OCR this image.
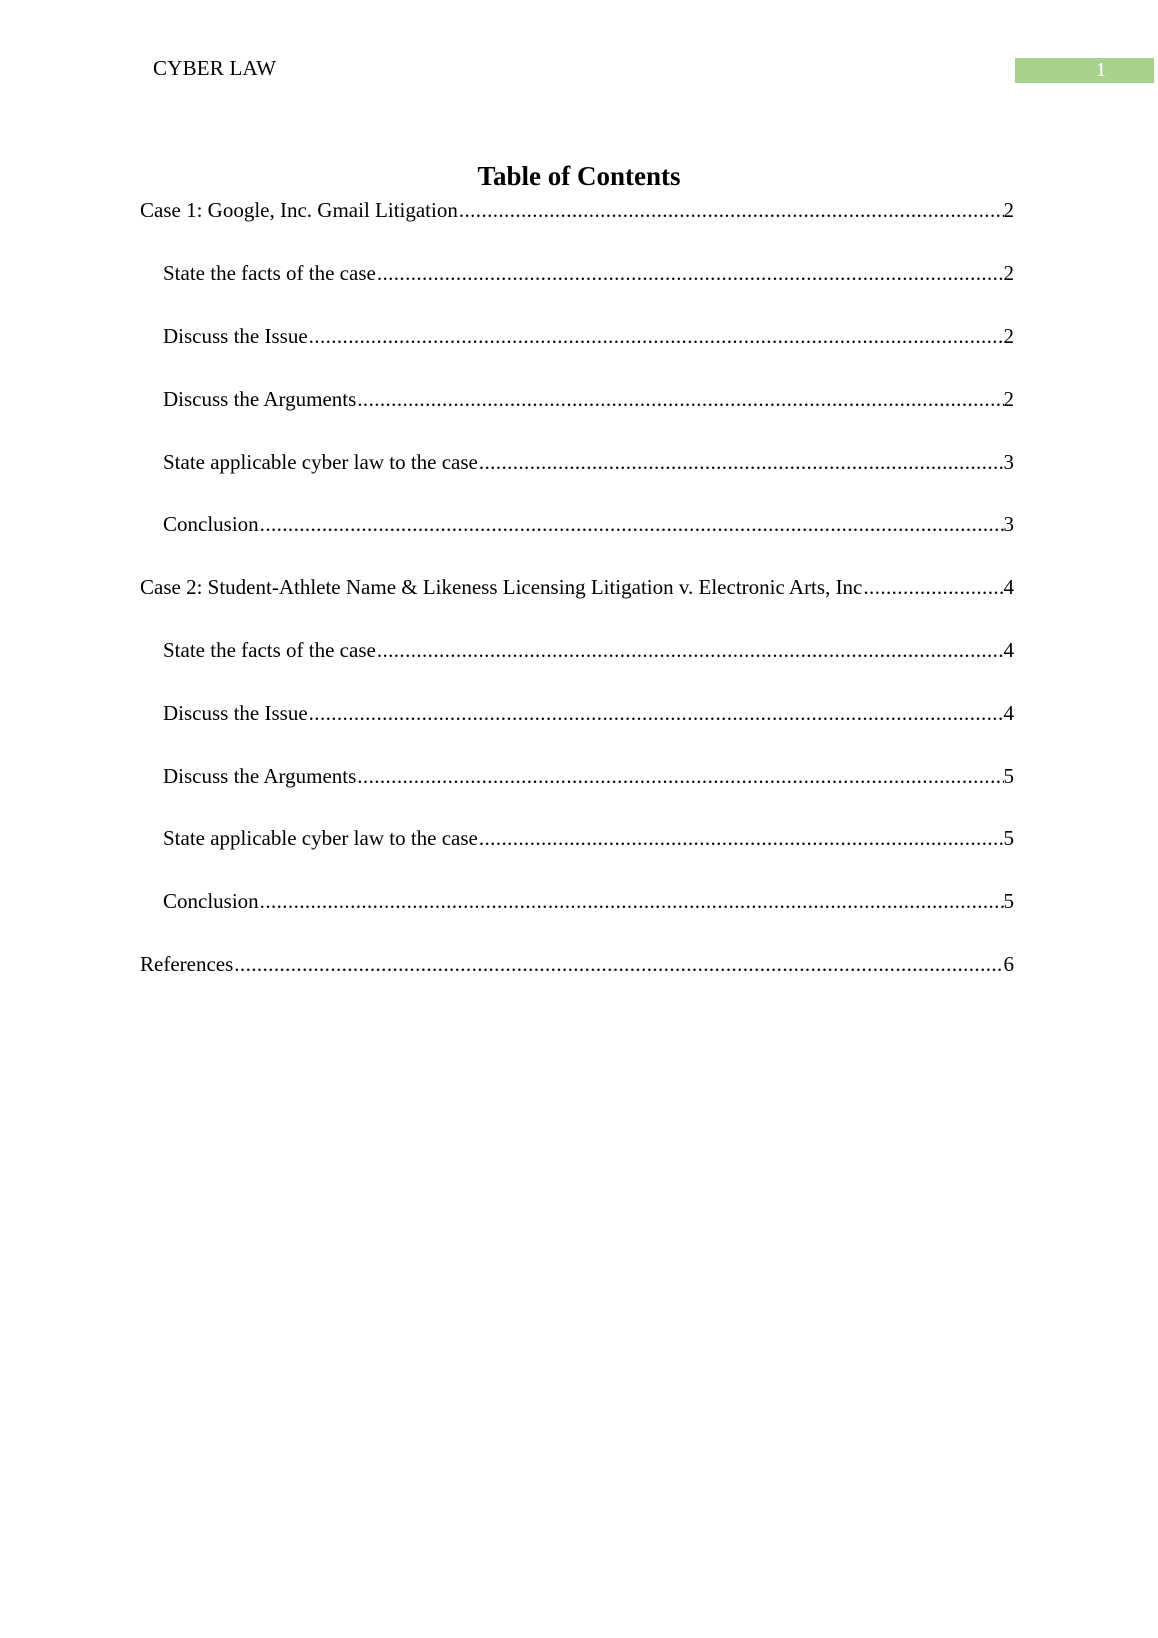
CYBER LAW	1
Table of Contents
Case 1: Google, Inc. Gmail Litigation .....	2
State the facts of the case .....	2
Discuss the Issue .....	2
Discuss the Arguments .....	2
State applicable cyber law to the case .....	3
Conclusion .....	3
Case 2: Student-Athlete Name & Likeness Licensing Litigation v. Electronic Arts, Inc .....	4
State the facts of the case .....	4
Discuss the Issue .....	4
Discuss the Arguments .....	5
State applicable cyber law to the case .....	5
Conclusion .....	5
References .....	6
